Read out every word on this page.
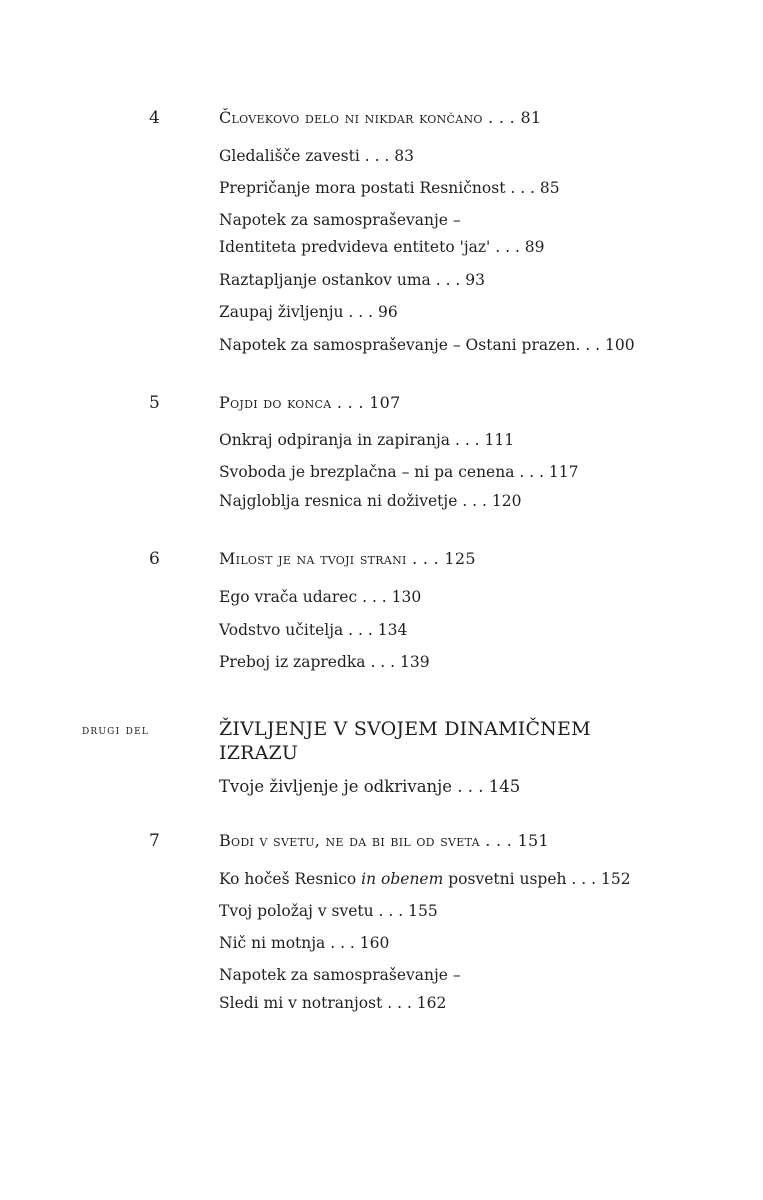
4	Človekovo delo ni nikdar končano . . . 81
Gledališče zavesti . . . 83
Prepričanje mora postati Resničnost . . . 85
Napotek za samospraševanje –
Identiteta predvideva entiteto 'jaz' . . . 89
Raztapljanje ostankov uma . . . 93
Zaupaj življenju . . . 96
Napotek za samospraševanje – Ostani prazen. . . 100
5	Pojdi do konca . . . 107
Onkraj odpiranja in zapiranja . . . 111
Svoboda je brezplačna – ni pa cenena . . . 117
Najgloblja resnica ni doživetje . . . 120
6	Milost je na tvoji strani . . . 125
Ego vrača udarec . . . 130
Vodstvo učitelja . . . 134
Preboj iz zapredka . . . 139
drugi del	ŽIVLJENJE V SVOJEM DINAMIČNEM
IZRAZU
Tvoje življenje je odkrivanje . . . 145
7	Bodi v svetu, ne da bi bil od sveta . . . 151
Ko hočeš Resnico in obenem posvetni uspeh . . . 152
Tvoj položaj v svetu . . . 155
Nič ni motnja . . . 160
Napotek za samospraševanje –
Sledi mi v notranjost . . . 162
